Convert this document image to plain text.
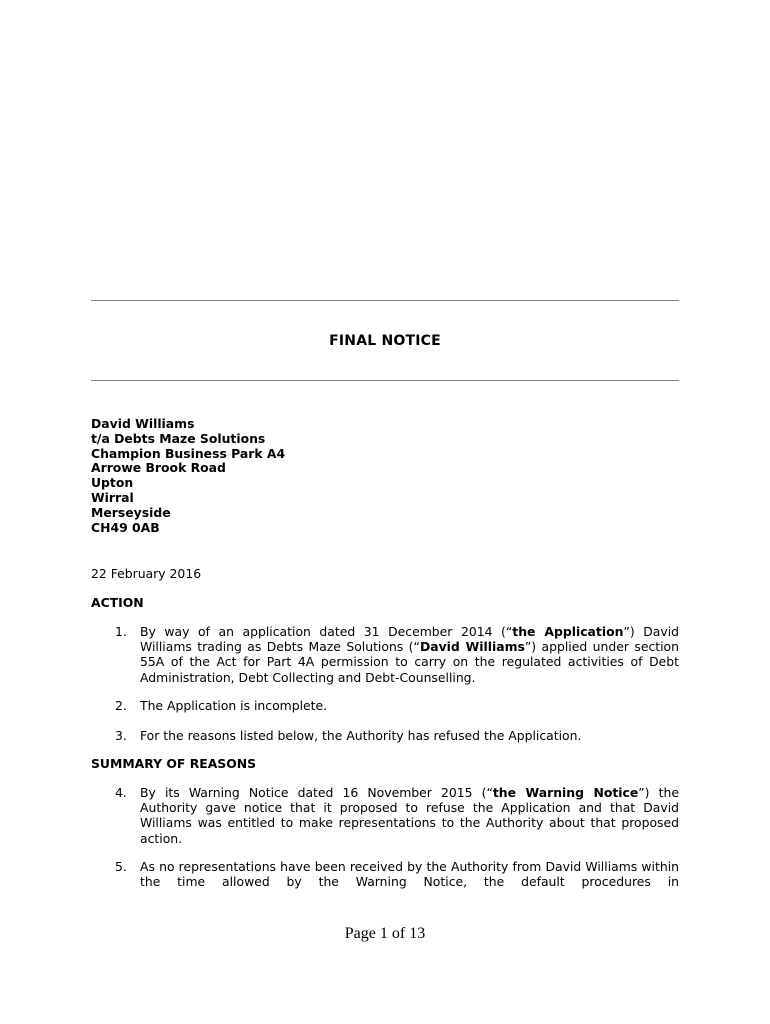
FINAL NOTICE
David Williams
t/a Debts Maze Solutions
Champion Business Park A4
Arrowe Brook Road
Upton
Wirral
Merseyside
CH49 0AB
22 February 2016
ACTION
1. By way of an application dated 31 December 2014 (“the Application”) David Williams trading as Debts Maze Solutions (“David Williams”) applied under section 55A of the Act for Part 4A permission to carry on the regulated activities of Debt Administration, Debt Collecting and Debt-Counselling.
2. The Application is incomplete.
3. For the reasons listed below, the Authority has refused the Application.
SUMMARY OF REASONS
4. By its Warning Notice dated 16 November 2015 (“the Warning Notice”) the Authority gave notice that it proposed to refuse the Application and that David Williams was entitled to make representations to the Authority about that proposed action.
5. As no representations have been received by the Authority from David Williams within the time allowed by the Warning Notice, the default procedures in
Page 1 of 13
